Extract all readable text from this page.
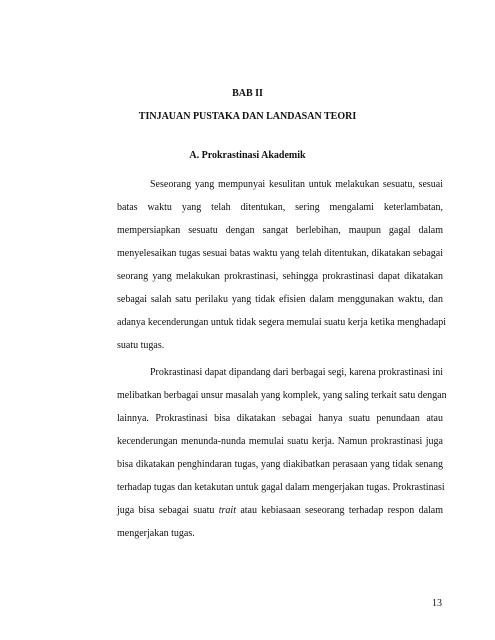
BAB II
TINJAUAN PUSTAKA DAN LANDASAN TEORI
A. Prokrastinasi Akademik
Seseorang yang mempunyai kesulitan untuk melakukan sesuatu, sesuai
batas waktu yang telah ditentukan, sering mengalami keterlambatan,
mempersiapkan sesuatu dengan sangat berlebihan, maupun gagal dalam
menyelesaikan tugas sesuai batas waktu yang telah ditentukan, dikatakan sebagai
seorang yang melakukan prokrastinasi, sehingga prokrastinasi dapat dikatakan
sebagai salah satu perilaku yang tidak efisien dalam menggunakan waktu, dan
adanya kecenderungan untuk tidak segera memulai suatu kerja ketika menghadapi
suatu tugas.
Prokrastinasi dapat dipandang dari berbagai segi, karena prokrastinasi ini
melibatkan berbagai unsur masalah yang komplek, yang saling terkait satu dengan
lainnya. Prokrastinasi bisa dikatakan sebagai hanya suatu penundaan atau
kecenderungan menunda-nunda memulai suatu kerja. Namun prokrastinasi juga
bisa dikatakan penghindaran tugas, yang diakibatkan perasaan yang tidak senang
terhadap tugas dan ketakutan untuk gagal dalam mengerjakan tugas. Prokrastinasi
juga bisa sebagai suatu trait atau kebiasaan seseorang terhadap respon dalam
mengerjakan tugas.
13
